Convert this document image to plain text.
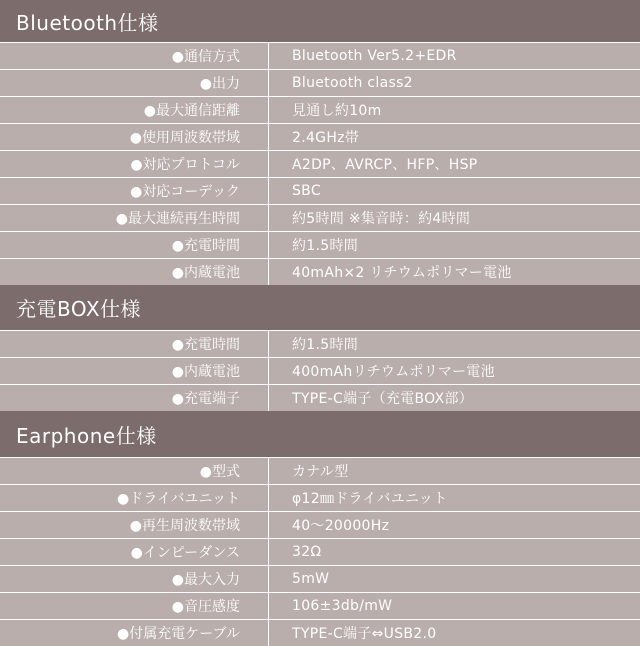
Bluetooth仕様
●通信方式	Bluetooth Ver5.2+EDR
●出力	Bluetooth class2
●最大通信距離	見通し約10m
●使用周波数帯域	2.4GHz帯
●対応プロトコル	A2DP、AVRCP、HFP、HSP
●対応コーデック	SBC
●最大連続再生時間	約5時間 ※集音時：約4時間
●充電時間	約1.5時間
●内蔵電池	40mAh×2 リチウムポリマー電池
充電BOX仕様
●充電時間	約1.5時間
●内蔵電池	400mAhリチウムポリマー電池
●充電端子	TYPE-C端子（充電BOX部）
Earphone仕様
●型式	カナル型
●ドライバユニット	φ12㎜ドライバユニット
●再生周波数帯域	40～20000Hz
●インピーダンス	32Ω
●最大入力	5mW
●音圧感度	106±3db/mW
●付属充電ケーブル	TYPE-C端子⇔USB2.0
